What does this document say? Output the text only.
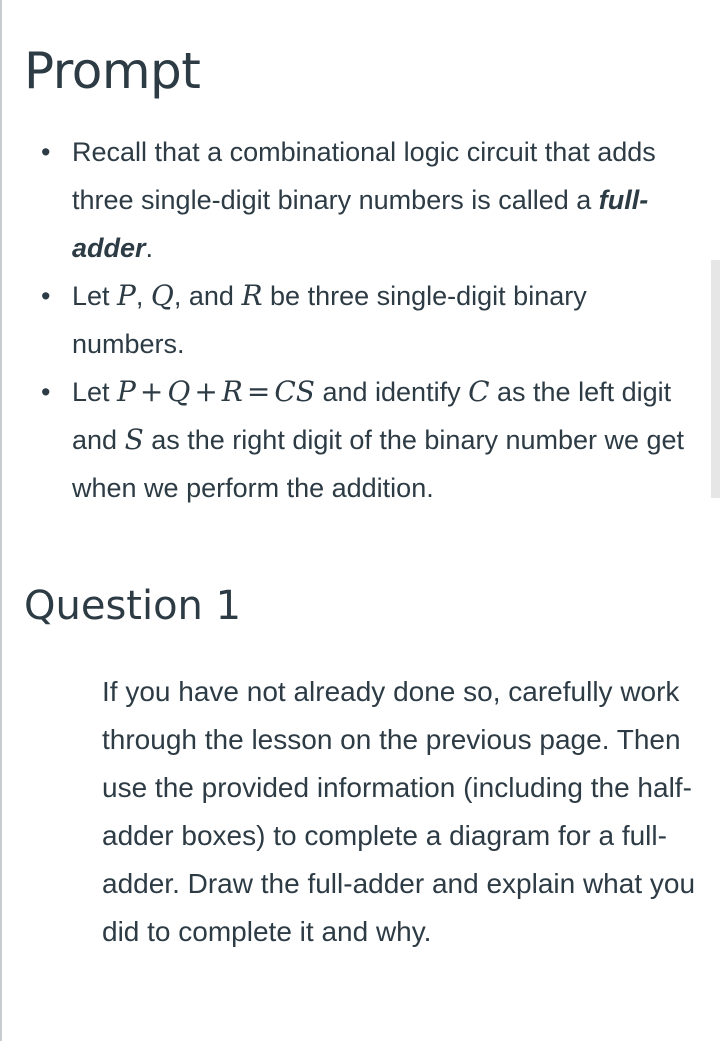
Prompt
• Recall that a combinational logic circuit that adds three single-digit binary numbers is called a full-adder.
• Let P, Q, and R be three single-digit binary numbers.
• Let P + Q + R = CS and identify C as the left digit and S as the right digit of the binary number we get when we perform the addition.
Question 1

If you have not already done so, carefully work through the lesson on the previous page. Then use the provided information (including the half-adder boxes) to complete a diagram for a full-adder. Draw the full-adder and explain what you did to complete it and why.
